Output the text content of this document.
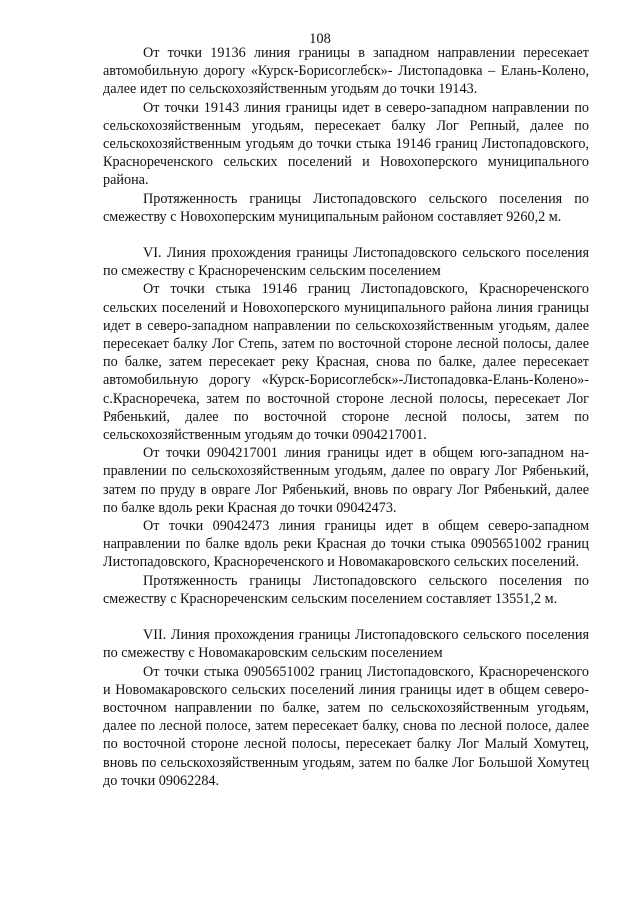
108

От точки 19136 линия границы в западном направлении пересекает автомобильную дорогу «Курск-Борисоглебск»- Листопадовка – Елань-Колено, далее идет по сельскохозяйственным угодьям до точки 19143.

От точки 19143 линия границы идет в северо-западном направлении по сельскохозяйственным угодьям, пересекает балку Лог Репный, далее по сельскохозяйственным угодьям до точки стыка 19146 границ Листопадовского, Краснореченского сельских поселений и Новохоперского муниципального района.

Протяженность границы Листопадовского сельского поселения по смежеству с Новохоперским муниципальным районом составляет 9260,2 м.

VI. Линия прохождения границы Листопадовского сельского поселения по смежеству с Краснореченским сельским поселением

От точки стыка 19146 границ Листопадовского, Краснореченского сельских поселений и Новохоперского муниципального района линия границы идет в северо-западном направлении по сельскохозяйственным угодьям, далее пересекает балку Лог Степь, затем по восточной стороне лесной полосы, далее по балке, затем пересекает реку Красная, снова по балке, далее пересекает автомобильную дорогу «Курск-Борисоглебск»-Листопадовка-Елань-Колено»-с.Красноречека, затем по восточной стороне лесной полосы, пересекает Лог Рябенький, далее по восточной стороне лесной полосы, затем по сельскохозяйственным угодьям до точки 0904217001.

От точки 0904217001 линия границы идет в общем юго-западном направлении по сельскохозяйственным угодьям, далее по оврагу Лог Рябенький, затем по пруду в овраге Лог Рябенький, вновь по оврагу Лог Рябенький, далее по балке вдоль реки Красная до точки 09042473.

От точки 09042473 линия границы идет в общем северо-западном направлении по балке вдоль реки Красная до точки стыка 0905651002 границ Листопадовского, Краснореченского и Новомакаровского сельских поселений.

Протяженность границы Листопадовского сельского поселения по смежеству с Краснореченским сельским поселением составляет 13551,2 м.

VII. Линия прохождения границы Листопадовского сельского поселения по смежеству с Новомакаровским сельским поселением

От точки стыка 0905651002 границ Листопадовского, Краснореченского и Новомакаровского сельских поселений линия границы идет в общем северо-восточном направлении по балке, затем по сельскохозяйственным угодьям, далее по лесной полосе, затем пересекает балку, снова по лесной полосе, далее по восточной стороне лесной полосы, пересекает балку Лог Малый Хомутец, вновь по сельскохозяйственным угодьям, затем по балке Лог Большой Хомутец до точки 09062284.
